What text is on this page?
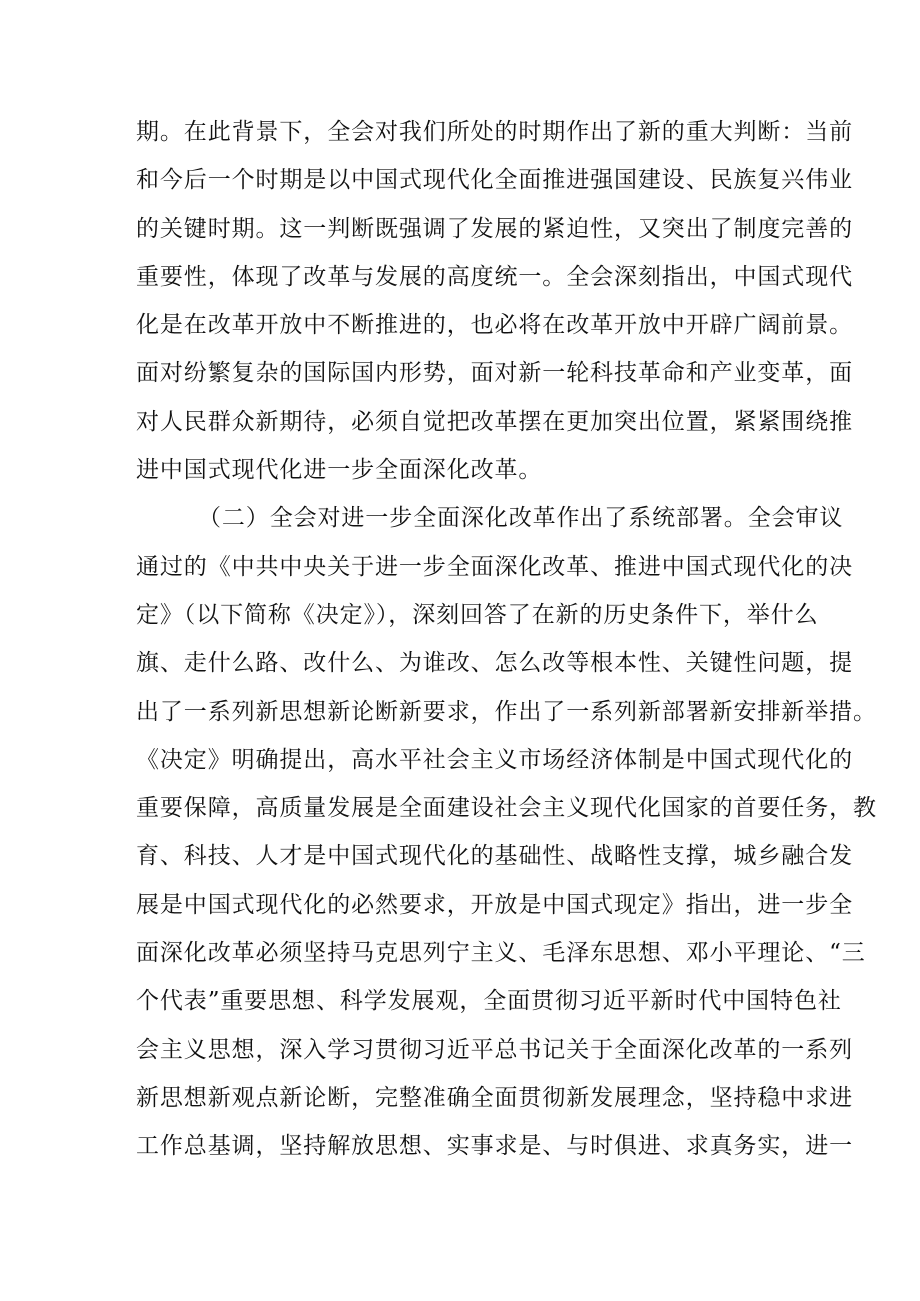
期。在此背景下，全会对我们所处的时期作出了新的重大判断：当前
和今后一个时期是以中国式现代化全面推进强国建设、民族复兴伟业
的关键时期。这一判断既强调了发展的紧迫性，又突出了制度完善的
重要性，体现了改革与发展的高度统一。全会深刻指出，中国式现代
化是在改革开放中不断推进的，也必将在改革开放中开辟广阔前景。
面对纷繁复杂的国际国内形势，面对新一轮科技革命和产业变革，面
对人民群众新期待，必须自觉把改革摆在更加突出位置，紧紧围绕推
进中国式现代化进一步全面深化改革。
（二）全会对进一步全面深化改革作出了系统部署。全会审议
通过的《中共中央关于进一步全面深化改革、推进中国式现代化的决
定》（以下简称《决定》），深刻回答了在新的历史条件下，举什么
旗、走什么路、改什么、为谁改、怎么改等根本性、关键性问题，提
出了一系列新思想新论断新要求，作出了一系列新部署新安排新举措。
《决定》明确提出，高水平社会主义市场经济体制是中国式现代化的
重要保障，高质量发展是全面建设社会主义现代化国家的首要任务，教
育、科技、人才是中国式现代化的基础性、战略性支撑，城乡融合发
展是中国式现代化的必然要求，开放是中国式现定》指出，进一步全
面深化改革必须坚持马克思列宁主义、毛泽东思想、邓小平理论、“三
个代表”重要思想、科学发展观，全面贯彻习近平新时代中国特色社
会主义思想，深入学习贯彻习近平总书记关于全面深化改革的一系列
新思想新观点新论断，完整准确全面贯彻新发展理念，坚持稳中求进
工作总基调，坚持解放思想、实事求是、与时俱进、求真务实，进一
